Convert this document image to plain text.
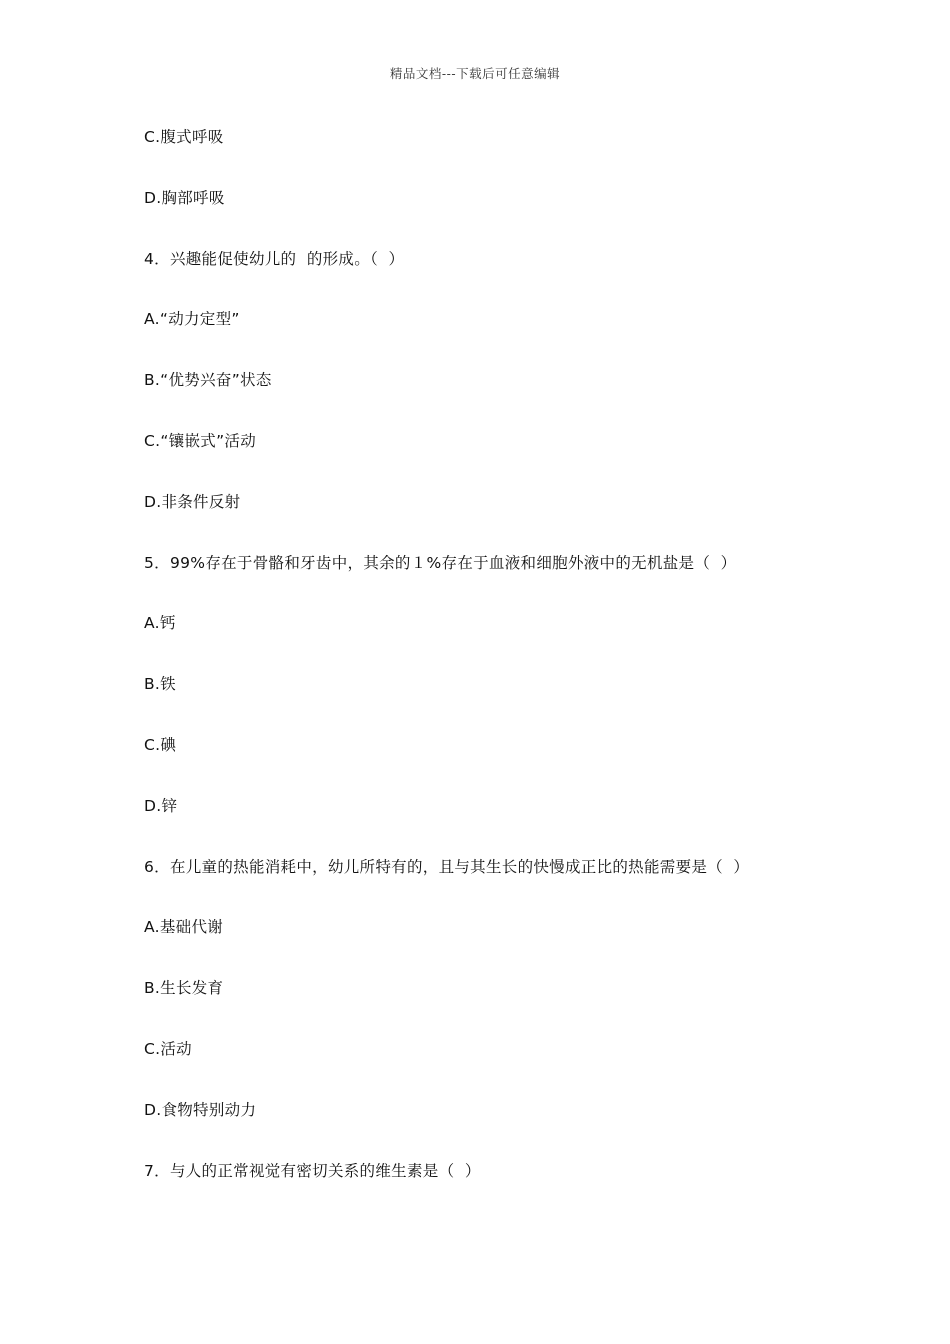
精品文档---下载后可任意编辑
C.腹式呼吸
D.胸部呼吸
4．兴趣能促使幼儿的  的形成。（  ）
A.“动力定型”
B.“优势兴奋”状态
C.“镶嵌式”活动
D.非条件反射
5．99%存在于骨骼和牙齿中，其余的１%存在于血液和细胞外液中的无机盐是（  ）
A.钙
B.铁
C.碘
D.锌
6．在儿童的热能消耗中，幼儿所特有的，且与其生长的快慢成正比的热能需要是（  ）
A.基础代谢
B.生长发育
C.活动
D.食物特别动力
7．与人的正常视觉有密切关系的维生素是（  ）
